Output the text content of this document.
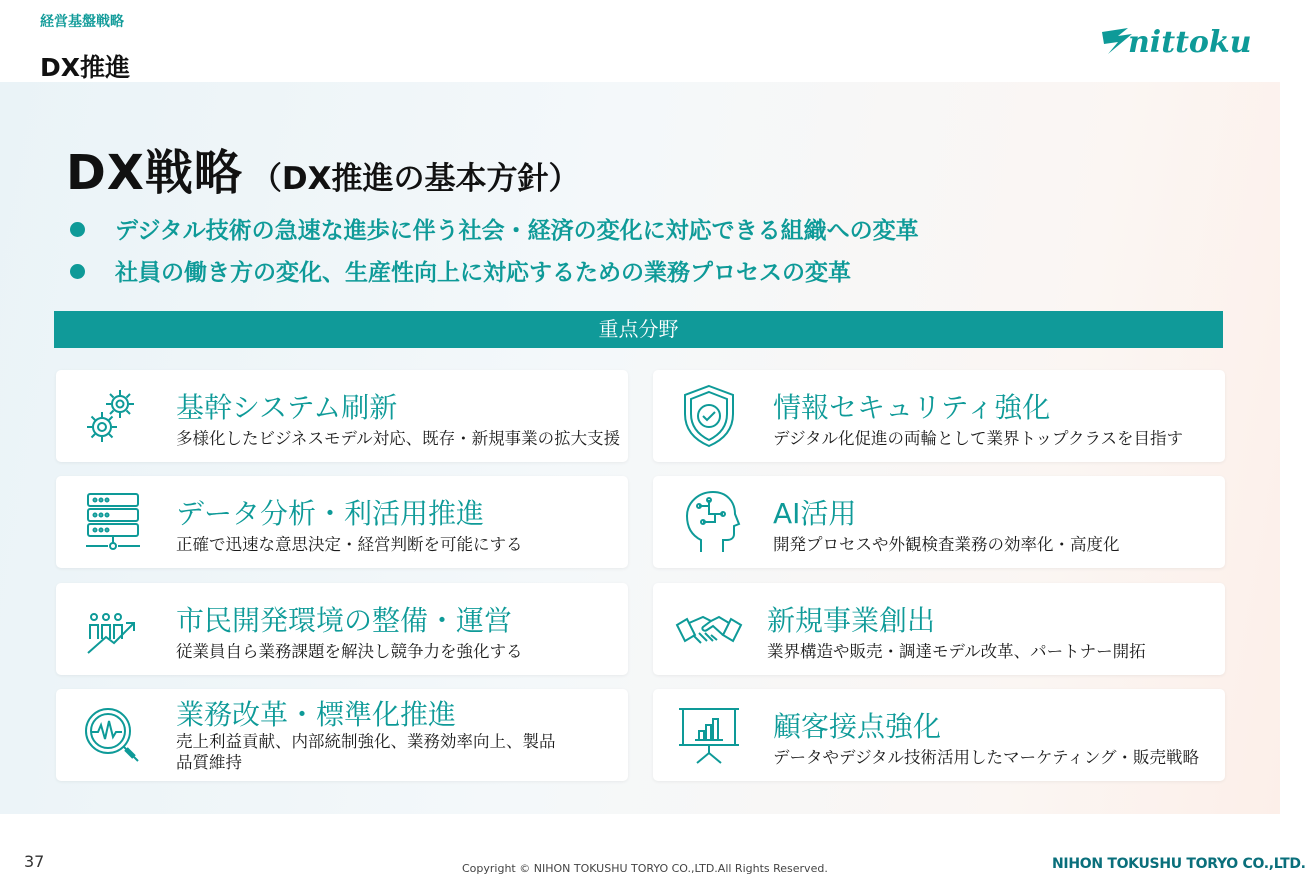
経営基盤戦略
DX推進
nittoku
DX戦略 （DX推進の基本方針）
デジタル技術の急速な進歩に伴う社会・経済の変化に対応できる組織への変革
社員の働き方の変化、生産性向上に対応するための業務プロセスの変革
重点分野
基幹システム刷新
多様化したビジネスモデル対応、既存・新規事業の拡大支援
情報セキュリティ強化
デジタル化促進の両輪として業界トップクラスを目指す
データ分析・利活用推進
正確で迅速な意思決定・経営判断を可能にする
AI活用
開発プロセスや外観検査業務の効率化・高度化
市民開発環境の整備・運営
従業員自ら業務課題を解決し競争力を強化する
新規事業創出
業界構造や販売・調達モデル改革、パートナー開拓
業務改革・標準化推進
売上利益貢献、内部統制強化、業務効率向上、製品
品質維持
顧客接点強化
データやデジタル技術活用したマーケティング・販売戦略
37	Copyright © NIHON TOKUSHU TORYO CO.,LTD.All Rights Reserved.	NIHON TOKUSHU TORYO CO.,LTD.
